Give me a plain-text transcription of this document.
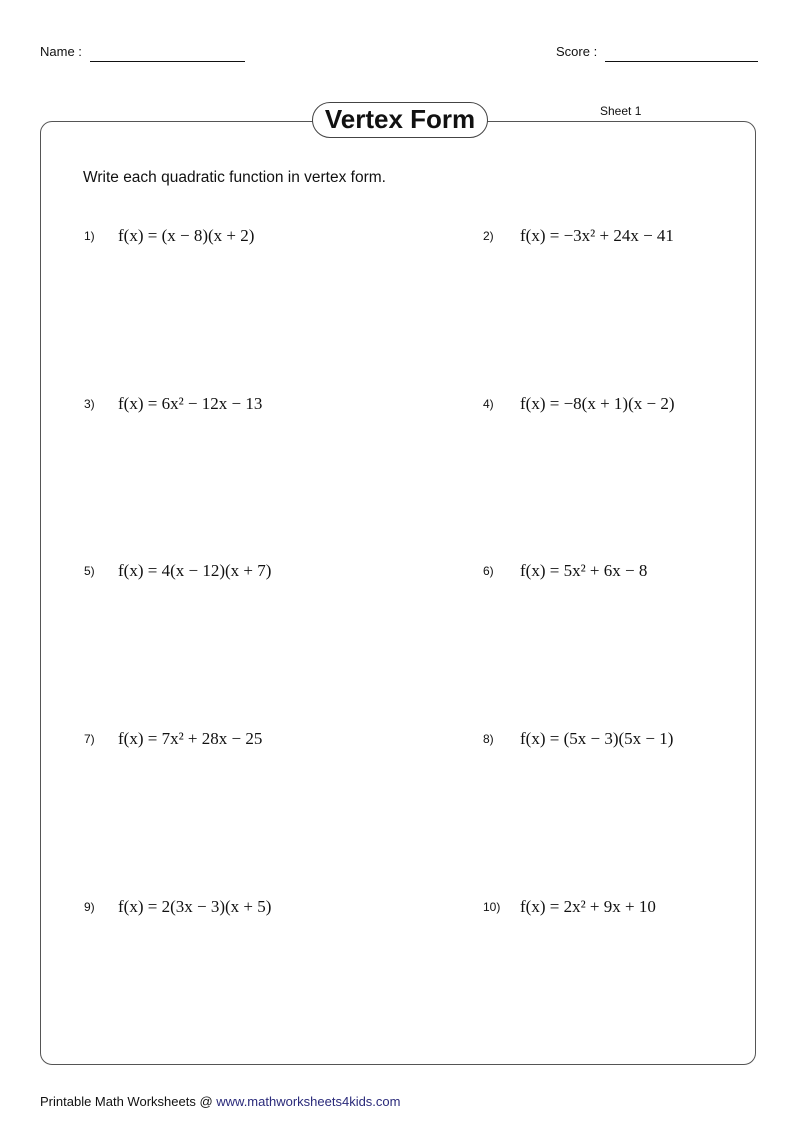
Name :	Score :
Vertex Form	Sheet 1
Write each quadratic function in vertex form.
1) f(x) = (x − 8)(x + 2)	2) f(x) = −3x² + 24x − 41
3) f(x) = 6x² − 12x − 13	4) f(x) = −8(x + 1)(x − 2)
5) f(x) = 4(x − 12)(x + 7)	6) f(x) = 5x² + 6x − 8
7) f(x) = 7x² + 28x − 25	8) f(x) = (5x − 3)(5x − 1)
9) f(x) = 2(3x − 3)(x + 5)	10) f(x) = 2x² + 9x + 10
Printable Math Worksheets @ www.mathworksheets4kids.com
